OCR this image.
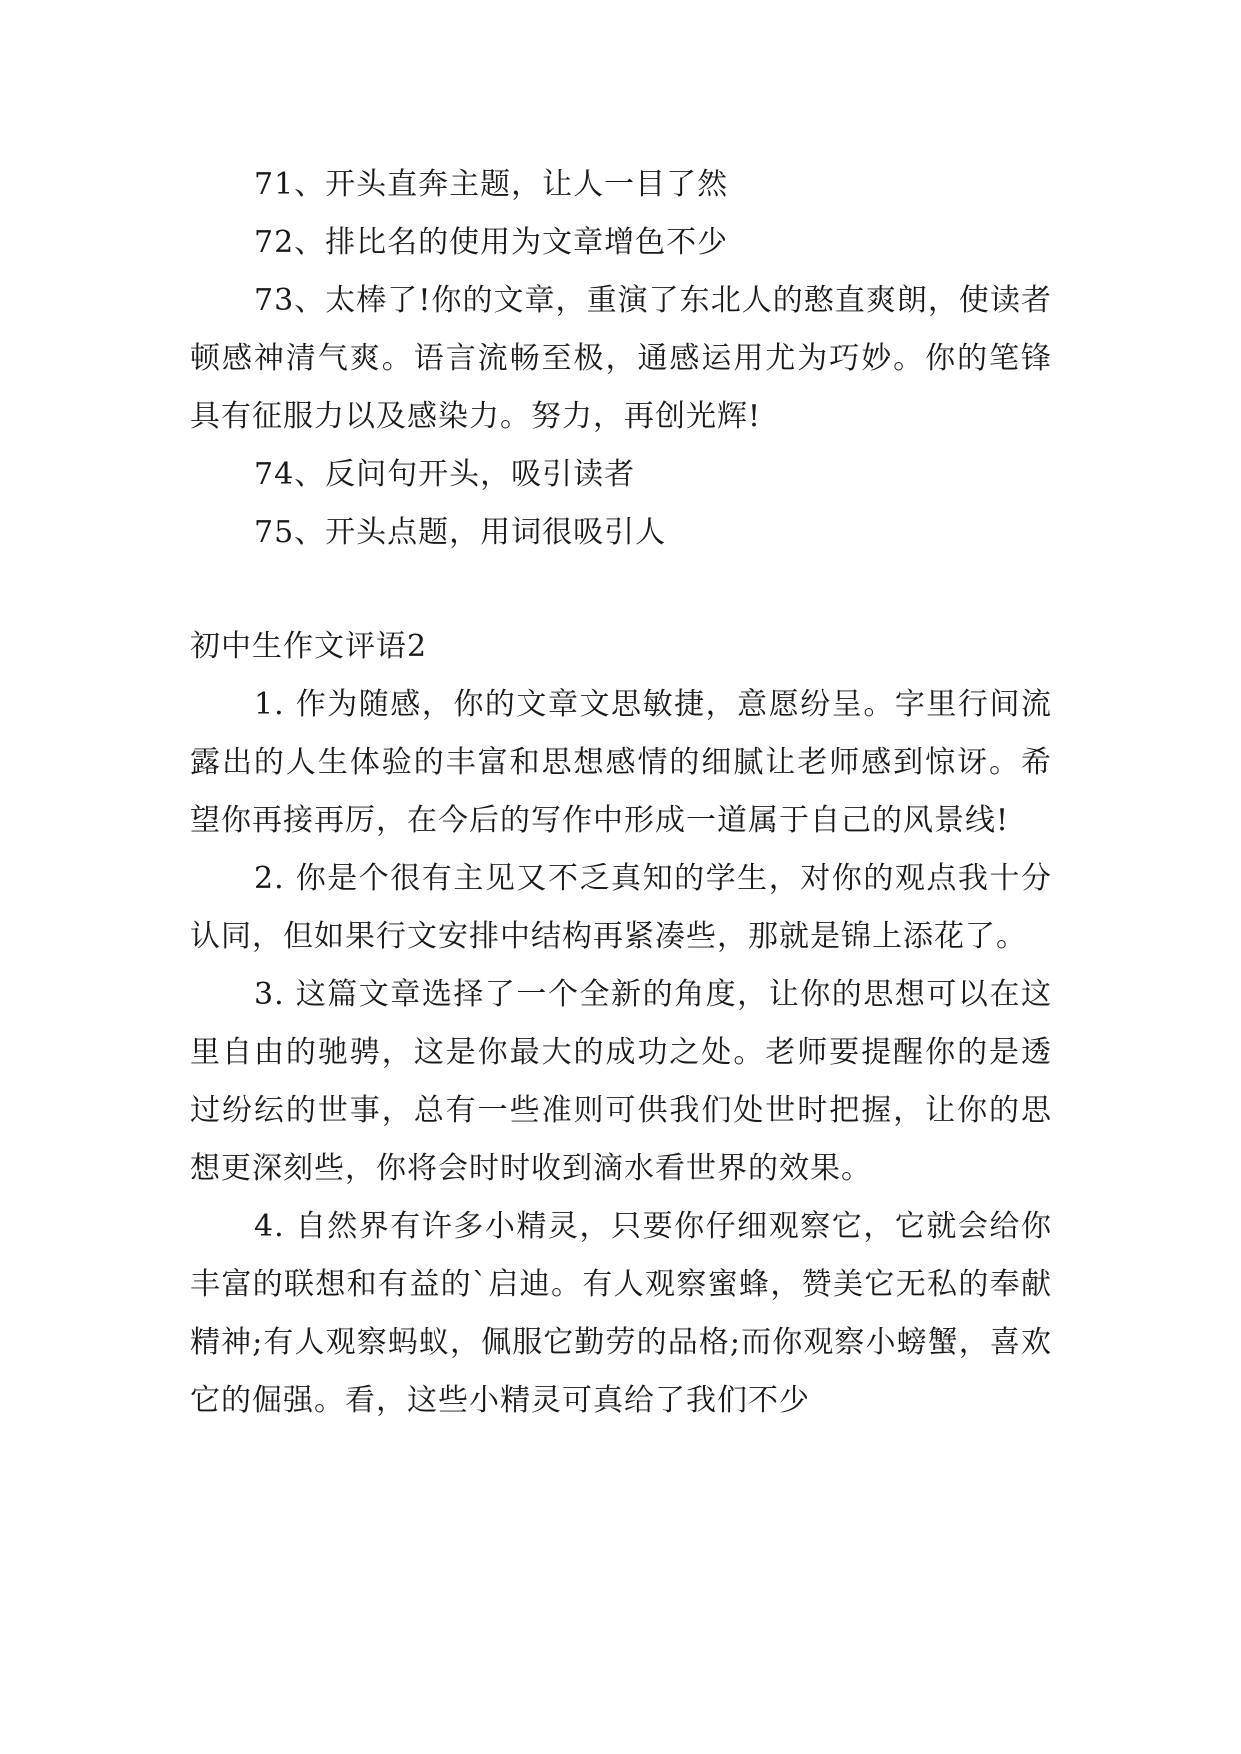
71、开头直奔主题，让人一目了然

72、排比名的使用为文章增色不少

73、太棒了!你的文章，重演了东北人的憨直爽朗，使读者顿感神清气爽。语言流畅至极，通感运用尤为巧妙。你的笔锋具有征服力以及感染力。努力，再创光辉!

74、反问句开头，吸引读者

75、开头点题，用词很吸引人

初中生作文评语2

1. 作为随感，你的文章文思敏捷，意愿纷呈。字里行间流露出的人生体验的丰富和思想感情的细腻让老师感到惊讶。希望你再接再厉，在今后的写作中形成一道属于自己的风景线!

2. 你是个很有主见又不乏真知的学生，对你的观点我十分认同，但如果行文安排中结构再紧凑些，那就是锦上添花了。

3. 这篇文章选择了一个全新的角度，让你的思想可以在这里自由的驰骋，这是你最大的成功之处。老师要提醒你的是透过纷纭的世事，总有一些准则可供我们处世时把握，让你的思想更深刻些，你将会时时收到滴水看世界的效果。

4. 自然界有许多小精灵，只要你仔细观察它，它就会给你丰富的联想和有益的`启迪。有人观察蜜蜂，赞美它无私的奉献精神;有人观察蚂蚁，佩服它勤劳的品格;而你观察小螃蟹，喜欢它的倔强。看，这些小精灵可真给了我们不少
